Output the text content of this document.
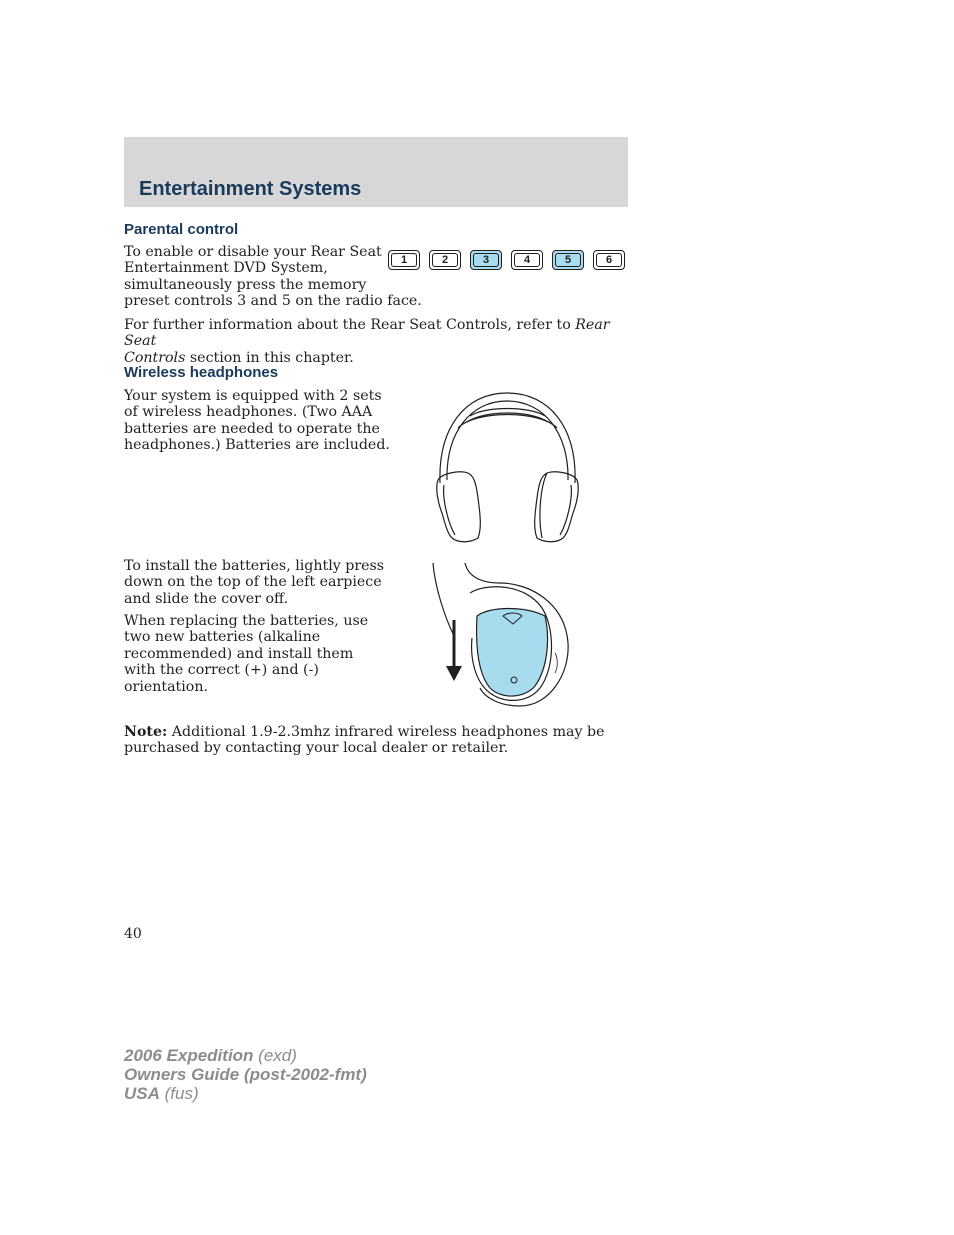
Entertainment Systems
Parental control
To enable or disable your Rear Seat
Entertainment DVD System,
simultaneously press the memory
preset controls 3 and 5 on the radio face.
1	2	3	4	5	6
For further information about the Rear Seat Controls, refer to Rear Seat
Controls section in this chapter.
Wireless headphones
Your system is equipped with 2 sets
of wireless headphones. (Two AAA
batteries are needed to operate the
headphones.) Batteries are included.
To install the batteries, lightly press
down on the top of the left earpiece
and slide the cover off.
When replacing the batteries, use
two new batteries (alkaline
recommended) and install them
with the correct (+) and (-)
orientation.
Note: Additional 1.9-2.3mhz infrared wireless headphones may be
purchased by contacting your local dealer or retailer.
40
2006 Expedition (exd)
Owners Guide (post-2002-fmt)
USA (fus)
